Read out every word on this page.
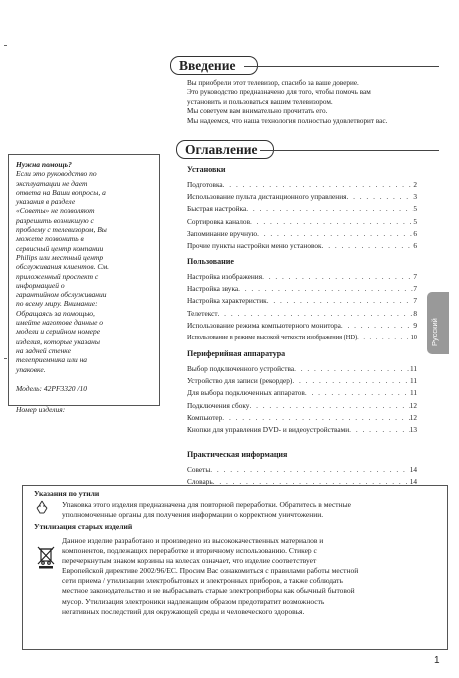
Введение
Вы приобрели этот телевизор, спасибо за ваше доверие.
Это руководство предназначено для того, чтобы помочь вам
установить и пользоваться вашим телевизором.
Мы советуем вам внимательно прочитать его.
Мы надеемся, что наша технология полностью удовлетворит вас.
Оглавление
Нужна помощь?
Если это руководство по
эксплуатации не дает
ответа на Ваши вопросы, а
указания в разделе
«Советы» не позволяют
разрешить возникшую с
проблему с телевизором, Вы
можете позвонить в
сервисный центр компании
Philips или местный центр
обслуживания клиентов. См.
приложенный проспект с
информацией о
гарантийном обслуживании
по всему миру. Внимание:
Обращаясь за помощью,
имейте наготове данные о
модели и серийном номере
изделия, которые указаны
на задней стенке
телеприемника или на
упаковке.
Модель: 42PF3320 /10
Номер изделия:
Установки
Подготовка . . .	2
Использование пульта дистанционного управления . . .	3
Быстрая настройка . . .	5
Сортировка каналов . . .	5
Запоминание вручную . . .	6
Прочие пункты настройки меню установок . . .	6
Пользование
Настройка изображения . . .	7
Настройка звука . . .	7
Настройка характеристик . . .	7
Телетекст . . .	8
Использование режима компьютерного монитора . . .	9
Использование в режиме высокой четкости изображения (HD) . . .	10
Периферийная аппаратура
Выбор подключенного устройства . . .	11
Устройство для записи (рекордер) . . .	11
Для выбора подключенных аппаратов . . .	11
Подключения сбоку . . .	12
Компьютер . . .	12
Кнопки для управления DVD- и видеоустройствами . . .	13
Практическая информация
Советы . . .	14
Словарь . . .	14
Русский
Указания по утили
Упаковка этого изделия предназначена для повторной переработки. Обратитесь в местные
уполномоченные органы для получения информации о корректном уничтожении.
Утилизация старых изделий
Данное изделие разработано и произведено из высококачественных материалов и
компонентов, подлежащих переработке и вторичному использованию. Стикер с
перечеркнутым знаком корзины на колесах означает, что изделие соответствует
Европейской директиве 2002/96/ЕС. Просим Вас ознакомиться с правилами работы местной
сети приема / утилизации электробытовых и электронных приборов, а также соблюдать
местное законодательство и не выбрасывать старые электроприборы как обычный бытовой
мусор. Утилизация электроники надлежащим образом предотвратит возможность
негативных последствий для окружающей среды и человеческого здоровья.
1
